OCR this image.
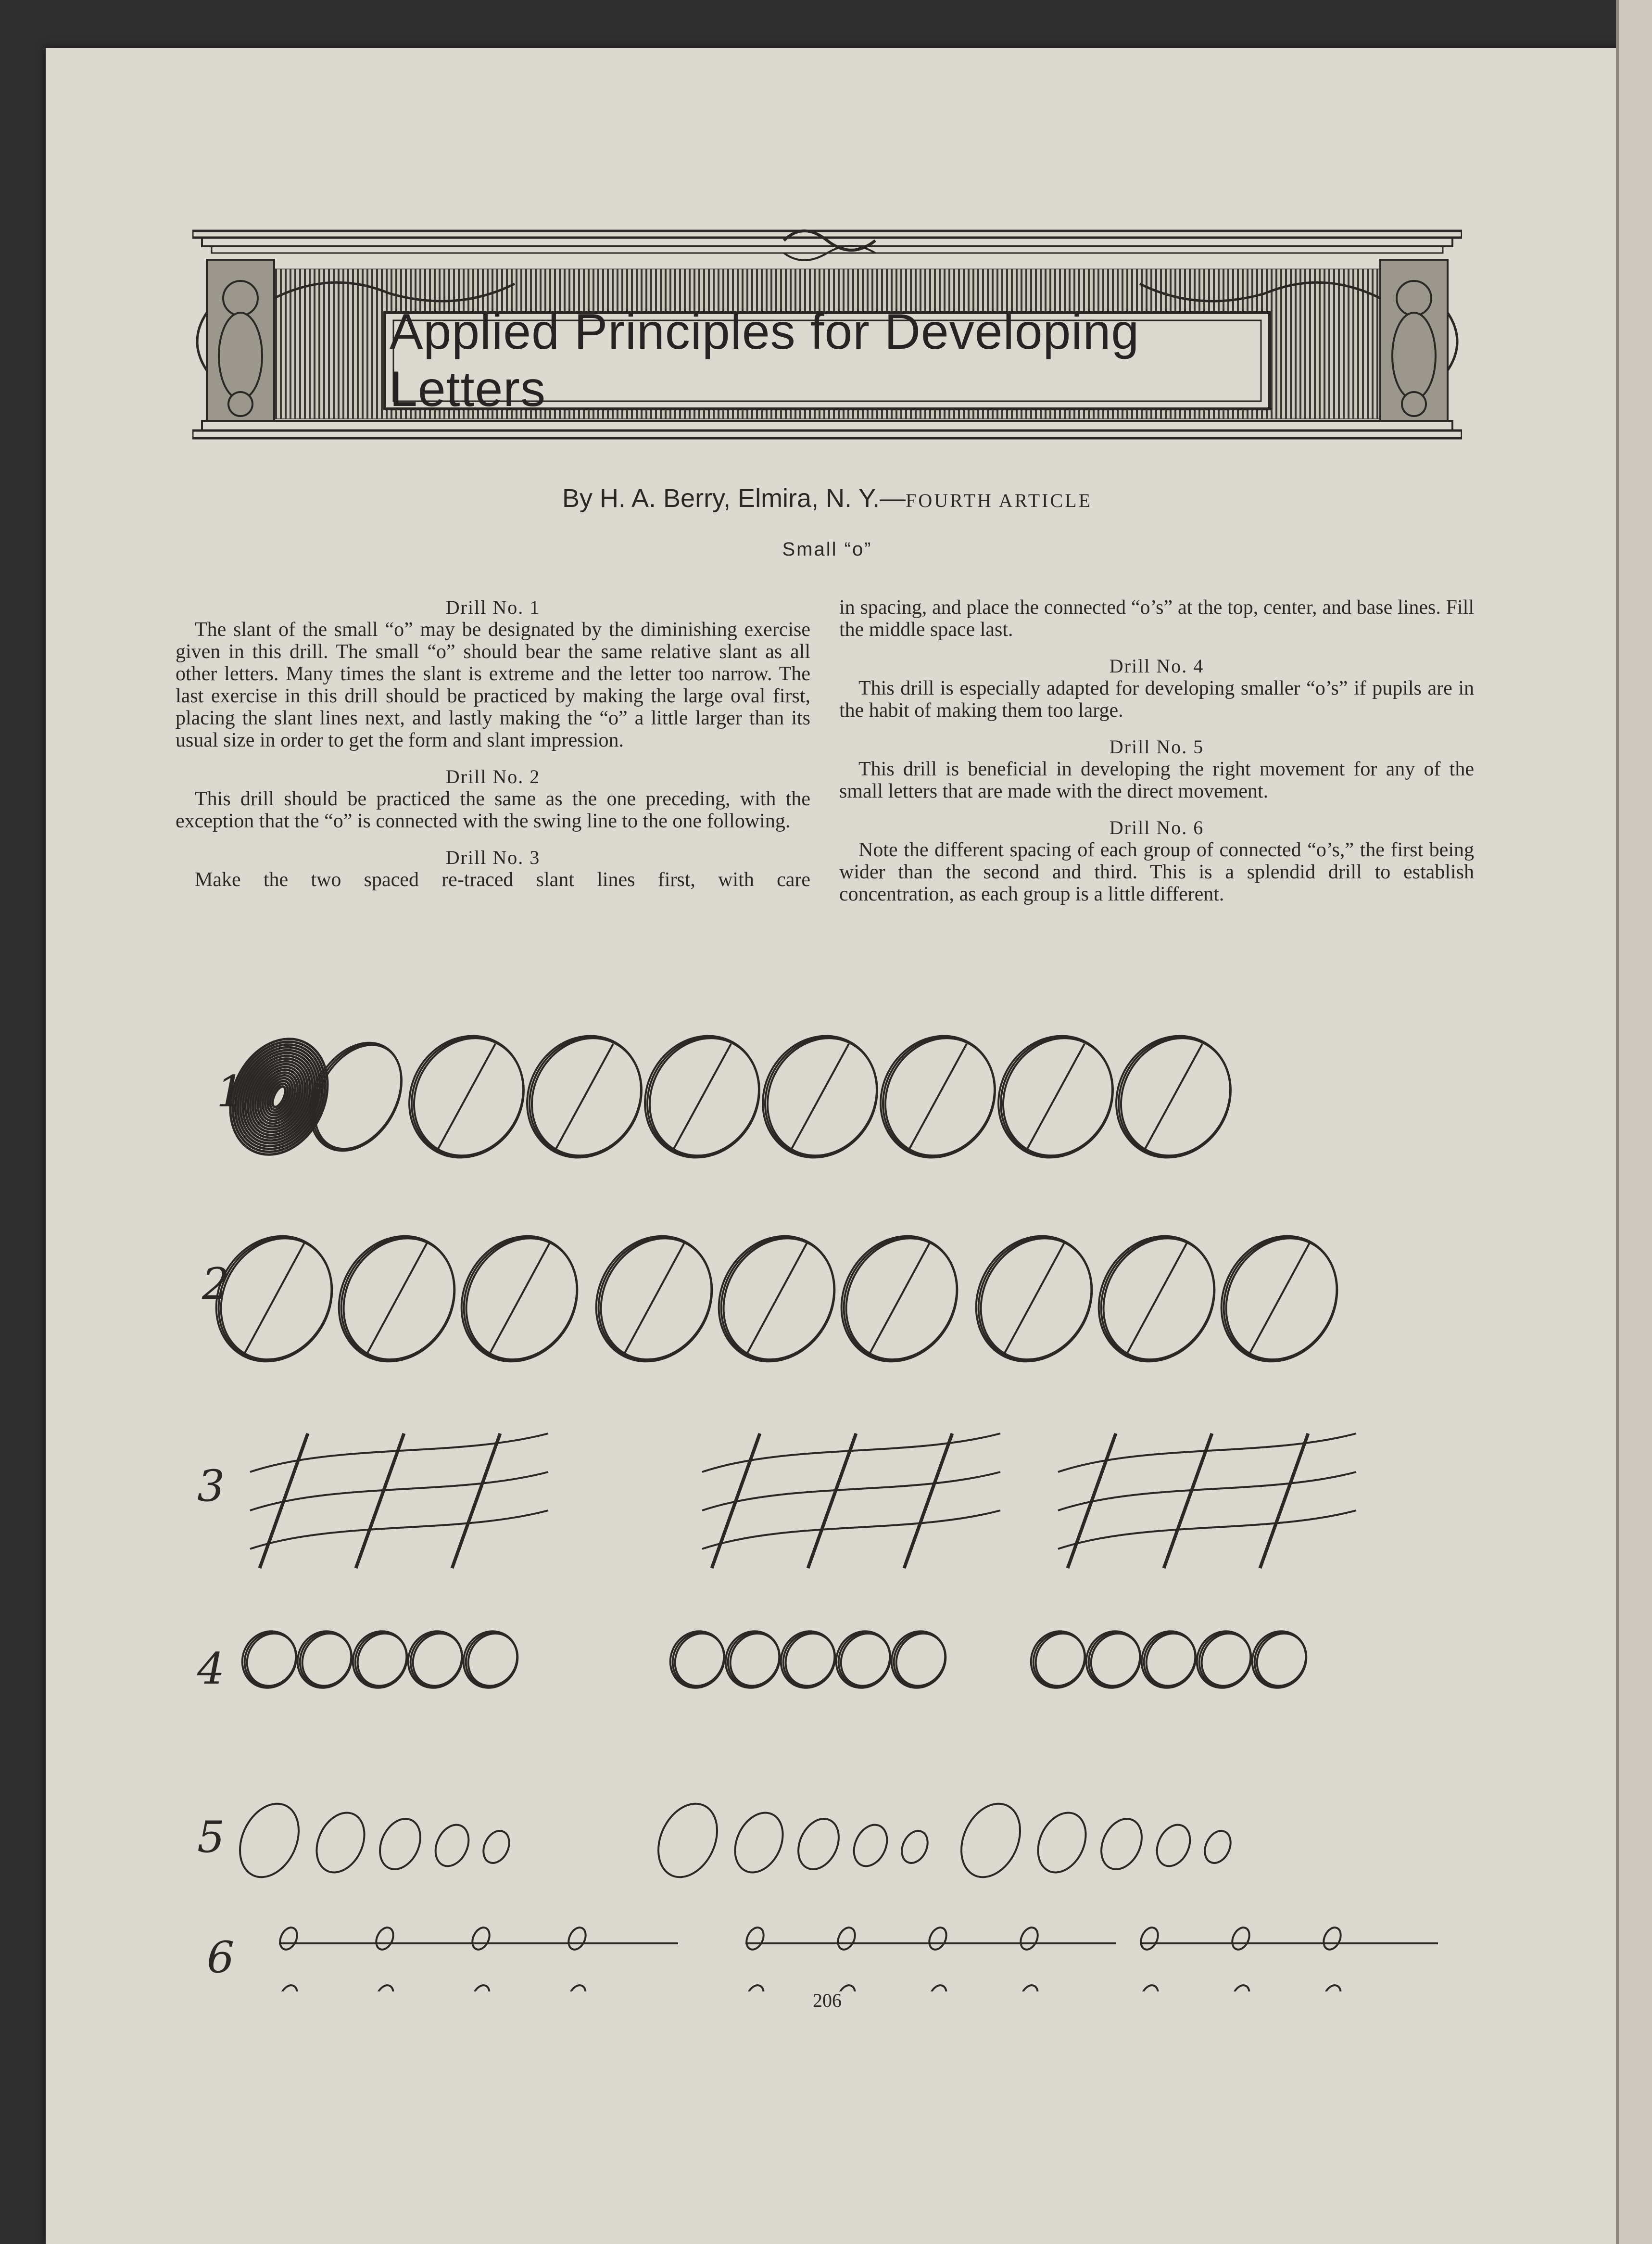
Applied Principles for Developing Letters
By H. A. Berry, Elmira, N. Y.—FOURTH ARTICLE
Small “o”
Drill No. 1

The slant of the small “o” may be designated by the diminishing exercise given in this drill. The small “o” should bear the same relative slant as all other letters. Many times the slant is extreme and the letter too narrow. The last exercise in this drill should be practiced by making the large oval first, placing the slant lines next, and lastly making the “o” a little larger than its usual size in order to get the form and slant impression.

Drill No. 2

This drill should be practiced the same as the one preceding, with the exception that the “o” is connected with the swing line to the one following.

Drill No. 3

Make the two spaced re-traced slant lines first, with care

in spacing, and place the connected “o’s” at the top, center, and base lines. Fill the middle space last.

Drill No. 4

This drill is especially adapted for developing smaller “o’s” if pupils are in the habit of making them too large.

Drill No. 5

This drill is beneficial in developing the right movement for any of the small letters that are made with the direct movement.

Drill No. 6

Note the different spacing of each group of connected “o’s,” the first being wider than the second and third. This is a splendid drill to establish concentration, as each group is a little different.

1
2
3
4
5
6
206
